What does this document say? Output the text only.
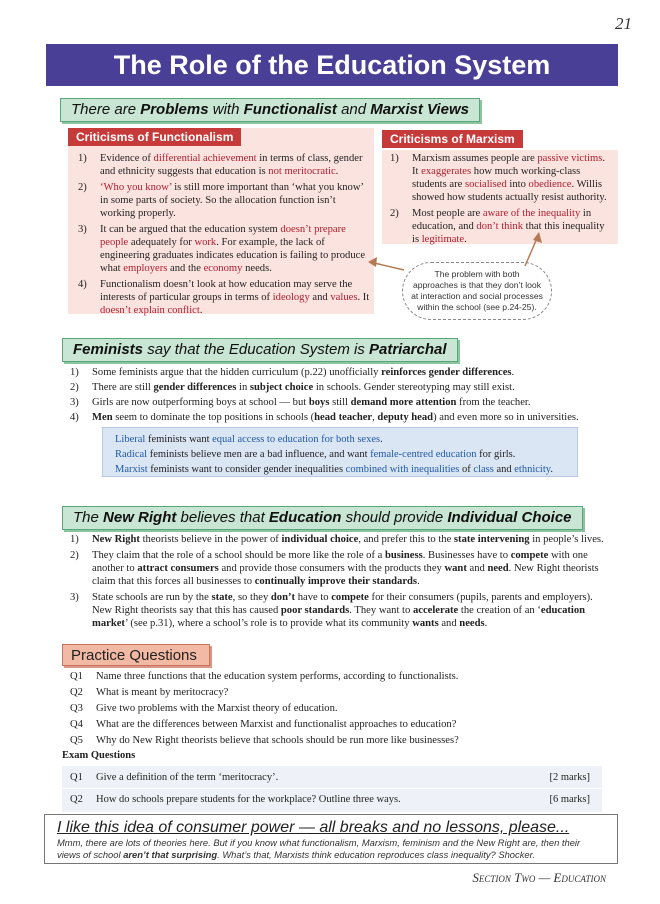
21
The Role of the Education System
There are Problems with Functionalist and Marxist Views
Criticisms of Functionalism
1) Evidence of differential achievement in terms of class, gender and ethnicity suggests that education is not meritocratic.
2) ‘Who you know’ is still more important than ‘what you know’ in some parts of society. So the allocation function isn’t working properly.
3) It can be argued that the education system doesn’t prepare people adequately for work. For example, the lack of engineering graduates indicates education is failing to produce what employers and the economy needs.
4) Functionalism doesn’t look at how education may serve the interests of particular groups in terms of ideology and values. It doesn’t explain conflict.
Criticisms of Marxism
1) Marxism assumes people are passive victims. It exaggerates how much working-class students are socialised into obedience. Willis showed how students actually resist authority.
2) Most people are aware of the inequality in education, and don’t think that this inequality is legitimate.
The problem with both approaches is that they don’t look at interaction and social processes within the school (see p.24-25).
Feminists say that the Education System is Patriarchal
1) Some feminists argue that the hidden curriculum (p.22) unofficially reinforces gender differences.
2) There are still gender differences in subject choice in schools. Gender stereotyping may still exist.
3) Girls are now outperforming boys at school — but boys still demand more attention from the teacher.
4) Men seem to dominate the top positions in schools (head teacher, deputy head) and even more so in universities.
Liberal feminists want equal access to education for both sexes.
Radical feminists believe men are a bad influence, and want female-centred education for girls.
Marxist feminists want to consider gender inequalities combined with inequalities of class and ethnicity.
The New Right believes that Education should provide Individual Choice
1) New Right theorists believe in the power of individual choice, and prefer this to the state intervening in people’s lives.
2) They claim that the role of a school should be more like the role of a business. Businesses have to compete with one another to attract consumers and provide those consumers with the products they want and need. New Right theorists claim that this forces all businesses to continually improve their standards.
3) State schools are run by the state, so they don’t have to compete for their consumers (pupils, parents and employers). New Right theorists say that this has caused poor standards. They want to accelerate the creation of an ‘education market’ (see p.31), where a school’s role is to provide what its community wants and needs.
Practice Questions
Q1 Name three functions that the education system performs, according to functionalists.
Q2 What is meant by meritocracy?
Q3 Give two problems with the Marxist theory of education.
Q4 What are the differences between Marxist and functionalist approaches to education?
Q5 Why do New Right theorists believe that schools should be run more like businesses?
Exam Questions
Q1 Give a definition of the term ‘meritocracy’.	[2 marks]
Q2 How do schools prepare students for the workplace? Outline three ways.	[6 marks]
I like this idea of consumer power — all breaks and no lessons, please...
Mmm, there are lots of theories here. But if you know what functionalism, Marxism, feminism and the New Right are, then their views of school aren’t that surprising. What’s that, Marxists think education reproduces class inequality? Shocker.
Section Two — Education
